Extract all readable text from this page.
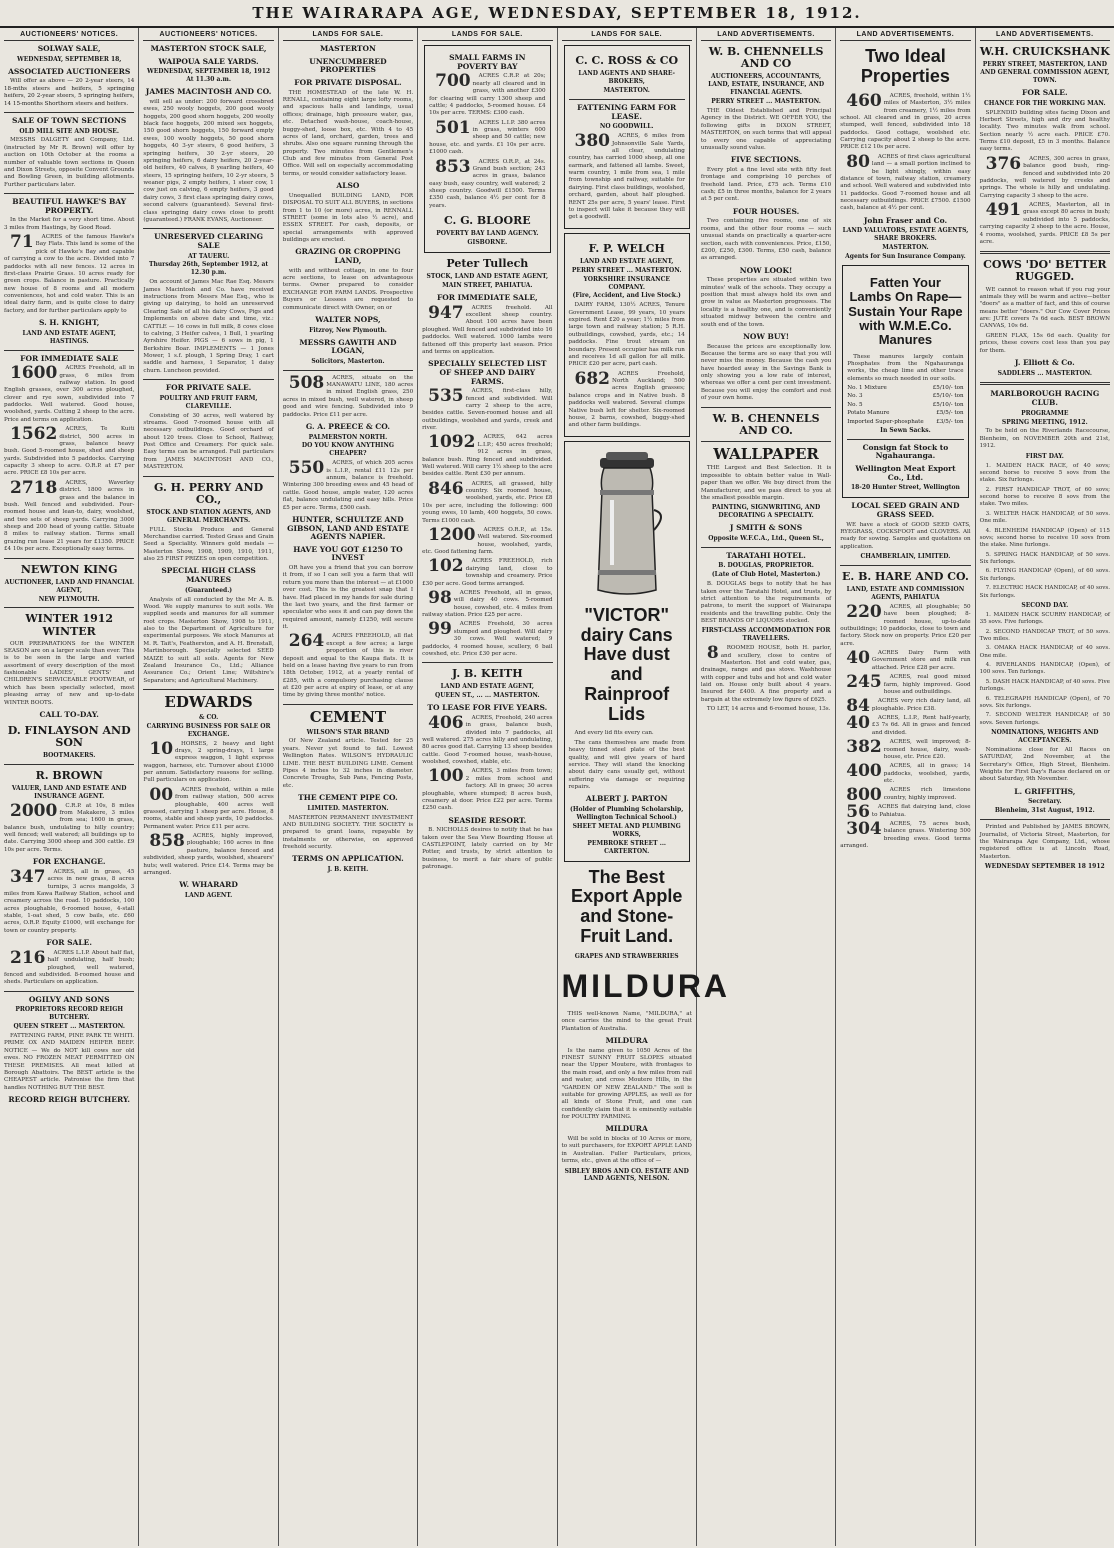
THE WAIRARAPA AGE, WEDNESDAY, SEPTEMBER 18, 1912.
AUCTIONEERS' NOTICES.
SOLWAY SALE,
WEDNESDAY, SEPTEMBER 18,
ASSOCIATED AUCTIONEERS

Will offer as above — 20 2-year steers, 14 18-mths steers and heifers, 5 springing heifers, 20 2-year steers, 5 springing heifers, 14 15-months Shorthorn steers and heifers.

SALE OF TOWN SECTIONS
OLD MILL SITE AND HOUSE.

MESSRS DALGETY and Company, Ltd. (instructed by Mr R. Brown) will offer by auction on 10th October at the rooms a number of valuable town sections in Queen and Dixon Streets, opposite Convent Grounds and Bowling Green, in building allotments. Further particulars later.

BEAUTIFUL HAWKE'S BAY PROPERTY.

In the Market for a very short time. About 3 miles from Hastings, by Good Road.

71 ACRES of the famous Hawke's Bay Flats. This land is some of the pick of Hawke's Bay and capable of carrying a cow to the acre. Divided into 7 paddocks with all new fences. 12 acres in first-class Prairie Grass. 10 acres ready for green crops. Balance in pasture. Practically new house of 8 rooms and all modern conveniences, hot and cold water. This is an ideal dairy farm, and is quite close to dairy factory, and for further particulars apply to

S. H. KNIGHT,
LAND AND ESTATE AGENT, HASTINGS.
FOR IMMEDIATE SALE

1600 ACRES Freehold, all in grass, 6 miles from railway station. In good English grasses, over 300 acres ploughed, clover and rye sown, subdivided into 7 paddocks. Well watered. Good house, woolshed, yards. Cutting 2 sheep to the acre. Price and terms on application.

1562 ACRES, Te Kuiti district, 500 acres in grass, balance heavy bush. Good 5-roomed house, shed and sheep yards. Subdivided into 5 paddocks. Carrying capacity 3 sheep to acre. O.R.P. at £7 per acre. PRICE £8 10s per acre.

2718 ACRES, Waverley district. 1800 acres in grass and the balance in bush. Well fenced and subdivided. Four-roomed house and lean-to, dairy, woolshed, and two sets of sheep yards. Carrying 3000 sheep and 200 head of young cattle. Situate 8 miles to railway station. Terms small grazing run lease 21 years for £1350. PRICE £4 10s per acre. Exceptionally easy terms.

NEWTON KING
AUCTIONEER, LAND AND FINANCIAL AGENT,
NEW PLYMOUTH.
WINTER 1912 WINTER

OUR PREPARATIONS for the WINTER SEASON are on a larger scale than ever. This is to be seen in the large and varied assortment of every description of the most fashionable LADIES', GENTS' and CHILDREN'S SERVICEABLE FOOTWEAR, of which has been specially selected, most pleasing array of new and up-to-date WINTER BOOTS.

CALL TO-DAY.
D. FINLAYSON AND SON
BOOTMAKERS.
R. BROWN
VALUER, LAND AND ESTATE AND INSURANCE AGENT.

2000 C.R.P. at 10s, 8 miles from Makakere, 3 miles from sea; 1600 in grass, balance bush, undulating to hilly country; well fenced; well watered; all buildings up to date. Carrying 3000 sheep and 300 cattle. £9 10s per acre. Terms.

FOR EXCHANGE.

347 ACRES, all in grass, 45 acres in new grass, 8 acres turnips, 3 acres mangolds, 3 miles from Kawa Railway Station, school and creamery across the road. 10 paddocks, 100 acres ploughable, 6-roomed house, 4-stall stable, 1-oat shed, 5 cow bails, etc. £60 acres, O.R.P. Equity £1000, will exchange for town or country property.

FOR SALE.

216 ACRES L.I.P. About half flat, half undulating, half bush; ploughed, well watered, fenced and subdivided. 8-roomed house and sheds. Particulars on application.

OGILVY AND SONS
PROPRIETORS RECORD REIGH BUTCHERY.
QUEEN STREET ... MASTERTON.

FATTENING FARM, PINE PARK TE WHITI. PRIME OX AND MAIDEN HEIFER BEEF. NOTICE — We do NOT kill cows nor old ewes. NO FROZEN MEAT PERMITTED ON THESE PREMISES. All meat killed at Borough Abattoirs. The BEST article is the CHEAPEST article. Patronise the firm that handles NOTHING BUT THE BEST.

RECORD REIGH BUTCHERY.
AUCTIONEERS' NOTICES.
MASTERTON STOCK SALE,
WAIPOUA SALE YARDS.
WEDNESDAY, SEPTEMBER 18, 1912 At 11.30 a.m.
JAMES MACINTOSH AND CO.

will sell as under: 200 forward crossbred ewes, 250 wooly hoggets, 200 good wooly hoggets, 200 good shorn hoggets, 200 woolly black face hoggets, 200 mixed sex hoggets, 150 good shorn hoggets, 150 forward empty ewes, 100 woolly hoggets, 50 good shorn hoggets, 40 3-yr steers, 6 good heifers, 3 springing heifers, 30 2-yr steers, 20 springing heifers, 6 dairy heifers, 20 2-year-old heifers, 40 calves, 8 yearling heifers, 40 steers, 15 springing heifers, 10 2-yr steers, 5 weaner pigs, 2 empty heifers, 1 steer cow, 1 cow just on calving, 6 empty heifers, 3 good dairy cows, 3 first class springing dairy cows, second calvers (guaranteed). Several first-class springing dairy cows close to profit (guaranteed.) FRANK EVANS, Auctioneer.

UNRESERVED CLEARING SALE
AT TAUERU.
Thursday 26th, September 1912, at 12.30 p.m.

On account of James Mac Rae Esq. Messrs James Macintosh and Co. have received instructions from Messrs Mae Esq., who is giving up dairying, to hold an unreserved Clearing Sale of all his dairy Cows, Pigs and Implements on above date and time, viz.: CATTLE — 16 cows in full milk, 8 cows close to calving, 3 Heifer calves, 1 Bull, 1 yearling Ayrshire Heifer. PIGS — 6 sows in pig, 1 Berkshire Boar. IMPLEMENTS — 1 Jones Mower, 1 s.f. plough, 1 Spring Dray, 1 cart saddle and harness, 1 Separator, 1 daisy churn. Luncheon provided.

FOR PRIVATE SALE.
POULTRY AND FRUIT FARM, CLAREVILLE.

Consisting of 30 acres, well watered by streams. Good 7-roomed house with all necessary outbuildings. Good orchard of about 120 trees. Close to School, Railway, Post Office and Creamery. For quick sale. Easy terms can be arranged. Full particulars from JAMES MACINTOSH AND CO., MASTERTON.

G. H. PERRY AND CO.,
STOCK AND STATION AGENTS, AND GENERAL MERCHANTS.

FULL Stocks Produce and General Merchandise carried. Tested Grass and Grain Seed a Speciality. Winners gold medals — Masterton Show, 1908, 1909, 1910, 1911, also 25 FIRST PRIZES on open competition.

SPECIAL HIGH CLASS MANURES
(Guaranteed.)

Analysis of all conducted by the Mr A. B. Wood. We supply manures to suit soils. We supplied seeds and manures for all summer root crops. Masterton Show, 1908 to 1911, also to the Department of Agriculture for experimental purposes. We stock Manures at M. R. Tait's, Featherston, and A. H. Brenstall, Martinborough. Specially selected SEED MAIZE to suit all soils. Agents for New Zealand Insurance Co., Ltd.; Alliance Assurance Co.; Orient Line; Wiltshire's Separators; and Agricultural Machinery.

EDWARDS
& CO.
CARRYING BUSINESS FOR SALE OR EXCHANGE.

10 HORSES, 2 heavy and light drays, 2 spring-drays, 1 large express waggon, 1 light express waggon, harness, etc. Turnover about £1000 per annum. Satisfactory reasons for selling. Full particulars on application.

00 ACRES freehold, within a mile from railway station, 500 acres ploughable, 400 acres well grassed, carrying 1 sheep per acre. House, 8 rooms, stable and sheep yards, 10 paddocks. Permanent water. Price £11 per acre.

858 ACRES, highly improved, ploughable; 160 acres in fine pasture, balance fenced and subdivided, sheep yards, woolshed, shearers' huts; well watered. Price £14. Terms may be arranged.

W. WHARARD
LAND AGENT.
LANDS FOR SALE.
MASTERTON
UNENCUMBERED PROPERTIES
FOR PRIVATE DISPOSAL.

THE HOMESTEAD of the late W. H. RENALL, containing eight large lofty rooms, and spacious halls and landings, usual offices; drainage, high pressure water, gas, etc. Detached wash-house, coach-house, buggy-shed, loose box, etc. With 4 to 45 acres of land, orchard, garden, trees and shrubs. Also one square running through the property. Two minutes from Gentlemen's Club and few minutes from General Post Office. Will sell on especially accommodating terms, or would consider satisfactory lease.

ALSO

Unequalled BUILDING LAND, FOR DISPOSAL TO SUIT ALL BUYERS, in sections from 1 to 10 (or more) acres, in RENNALL STREET (some in lots also ½ acre), and ESSEX STREET. For cash, deposits, or special arrangements with approved buildings are erected.

GRAZING OR CROPPING LAND,

with and without cottage, in one to four acre sections, to lease on advantageous terms. Owner prepared to consider EXCHANGE FOR FARM LANDS. Prospective Buyers or Lessees are requested to communicate direct with Owner, on or

WALTER NOPS,
Fitzroy, New Plymouth.
MESSRS GAWITH AND LOGAN,
Solicitors, Masterton.

508 ACRES, situate on the MANAWATU LINE, 180 acres in mixed English grass, 250 acres in mixed bush, well watered, in sheep good and wire fencing. Subdivided into 9 paddocks. Price £11 per acre.

G. A. PREECE & CO.
PALMERSTON NORTH.
DO YOU KNOW ANYTHING CHEAPER?

550 ACRES, of which 205 acres is L.I.P., rental £11 12s per annum, balance is freehold. Wintering 300 breeding ewes and 45 head of cattle. Good house, ample water, 120 acres flat, balance undulating and easy hills. Price £5 per acre. Terms, £500 cash.

HUNTER, SCHULTZE AND GIBSON, LAND AND ESTATE AGENTS NAPIER.
HAVE YOU GOT £1250 TO INVEST

OR have you a friend that you can borrow it from, if so I can sell you a farm that will return you more than the interest — at £1000 over cost. This is the greatest snap that I have. Had placed in my hands for sale during the last two years, and the first farmer or speculator who sees it and can pay down the required amount, namely £1250, will secure it.

264 ACRES FREEHOLD, all flat except a few acres; a large proportion of this is river deposit and equal to the Kaupa flats. It is held on a lease having five years to run from 18th October, 1912, at a yearly rental of £285, with a compulsory purchasing clause at £20 per acre at expiry of lease, or at any time by giving three months' notice.

CEMENT
WILSON'S STAR BRAND

Of New Zealand article. Tested for 25 years. Never yet found to fail. Lowest Wellington Rates. WILSON'S HYDRAULIC LIME. THE BEST BUILDING LIME. Cement Pipes 4 inches to 32 inches in diameter. Concrete Troughs, Sub Pans, Fencing Posts, etc.

THE CEMENT PIPE CO.
LIMITED. MASTERTON.

MASTERTON PERMANENT INVESTMENT AND BUILDING SOCIETY. THE SOCIETY is prepared to grant loans, repayable by instalments or otherwise, on approved freehold security.

TERMS ON APPLICATION.
J. B. KEITH.
LANDS FOR SALE.
SMALL FARMS IN POVERTY BAY

700 ACRES C.R.P. at 20s; nearly all cleared and in grass, with another £300 for clearing will carry 1300 sheep and cattle; 4 paddocks, 5-roomed house. £4 10s per acre. TERMS: £300 cash.

501 ACRES L.I.P. 380 acres in grass, winters 600 sheep and 50 cattle; new house, etc. and yards. £1 10s per acre. £1000 cash.

853 ACRES O.R.P., at 24s. Grand bush section; 243 acres in grass, balance easy bush, easy country, well watered; 2 sheep country. Goodwill £1500. Terms £350 cash, balance 4½ per cent for 8 years.

C. G. BLOORE
POVERTY BAY LAND AGENCY.
GISBORNE.
Peter Tullech
STOCK, LAND AND ESTATE AGENT,
MAIN STREET, PAHIATUA.
FOR IMMEDIATE SALE,

947 ACRES freehold. All excellent sheep country. About 100 acres have been ploughed. Well fenced and subdivided into 16 paddocks. Well watered. 1000 lambs were fattened off this property last season. Price and terms on application.

SPECIALLY SELECTED LIST OF SHEEP AND DAIRY FARMS.

535 ACRES, first-class hilly, fenced and subdivided. Will carry 2 sheep to the acre, besides cattle. Seven-roomed house and all outbuildings, woolshed and yards, creek and river.

1092 ACRES, 642 acres L.I.P.; 450 acres freehold; 912 acres in grass, balance bush. Ring fenced and subdivided. Well watered. Will carry 1½ sheep to the acre besides cattle. Rent £30 per annum.

846 ACRES, all grassed, hilly country. Six roomed house, woolshed, yards, etc. Price £8 10s per acre, including the following: 600 young ewes, 10 lamb, 400 hoggets, 50 cows. Terms £1000 cash.

1200 ACRES O.R.P., at 15s. Well watered. Six-roomed house, woolshed, yards, etc. Good fattening farm.

102 ACRES FREEHOLD, rich dairying land, close to township and creamery. Price £30 per acre. Good terms arranged.

98 ACRES Freehold, all in grass, will dairy 40 cows. 5-roomed house, cowshed, etc. 4 miles from railway station. Price £25 per acre.

99 ACRES Freehold, 30 acres stumped and ploughed. Will dairy 30 cows. Well watered; 9 paddocks, 4 roomed house, scullery, 6 bail cowshed, etc. Price £30 per acre.

J. B. KEITH
LAND AND ESTATE AGENT,
QUEEN ST., ... ... MASTERTON.
TO LEASE FOR FIVE YEARS.

406 ACRES, Freehold, 240 acres in grass, balance bush, divided into 7 paddocks, all well watered. 275 acres hilly and undulating, 80 acres good flat. Carrying 13 sheep besides cattle. Good 7-roomed house, wash-house, woolshed, cowshed, stable, etc.

100 ACRES, 3 miles from town; 2 miles from school and factory. All in grass; 30 acres ploughable, where stumped; 8 acres bush, creamery at door. Price £22 per acre. Terms £250 cash.

SEASIDE RESORT.

B. NICHOLLS desires to notify that he has taken over the Sea View Boarding House at CASTLEPOINT, lately carried on by Mr Potter, and trusts, by strict attention to business, to merit a fair share of public patronage.

LANDS FOR SALE.
C. C. ROSS & CO
LAND AGENTS AND SHARE-BROKERS,
MASTERTON.
FATTENING FARM FOR LEASE.
NO GOODWILL.

380 ACRES, 6 miles from Johnsonville Sale Yards, all clear, undulating country, has carried 1000 sheep, all one earmark, and fattened all lambs. Sweet, warm country, 1 mile from sea, 1 mile from township and railway, suitable for dairying. First class buildings, woolshed, orchard, garden, about half ploughed. RENT 25s per acre, 5 years' lease. First to inspect will take it because they will get a goodwill.

F. P. WELCH
LAND AND ESTATE AGENT,
PERRY STREET ... MASTERTON.
YORKSHIRE INSURANCE COMPANY.
(Fire, Accident, and Live Stock.)

DAIRY FARM, 130½ ACRES, Tenure Government Lease, 99 years, 10 years expired. Rent £20 a year; 1½ miles from large town and railway station; 5 R.H. outbuildings, cowshed, yards, etc.; 14 paddocks. Fine trout stream on boundary. Present occupier has milk run and receives 1d all gallon for all milk. PRICE £20 per acre, part cash.

682 ACRES Freehold, North Auckland; 500 acres English grasses; balance crops and in Native bush. 8 paddocks well watered. Several clumps Native bush left for shelter. Six-roomed house, 2 barns, cowshed, buggy-shed and other farm buildings.

"VICTOR" dairy Cans Have dust and Rainproof Lids

And every lid fits every can.

The cans themselves are made from heavy tinned steel plate of the best quality, and will give years of hard service. They will stand the knocking about dairy cans usually get, without suffering via damage or requiring repairs.

ALBERT J. PARTON
(Holder of Plumbing Scholarship, Wellington Technical School.)
SHEET METAL AND PLUMBING WORKS,
PEMBROKE STREET ... CARTERTON.
The Best Export Apple and Stone-Fruit Land.
GRAPES AND STRAWBERRIES
MILDURA

THIS well-known Name, "MILDURA," at once carries the mind to the great Fruit Plantation of Australia.

MILDURA

Is the name given to 1050 Acres of the FINEST SUNNY FRUIT SLOPES situated near the Upper Moutere, with frontages to the main road, and only a few miles from rail and water, and cross Moutere Hills, in the "GARDEN OF NEW ZEALAND." The soil is suitable for growing APPLES, as well as for all kinds of Stone Fruit, and one can confidently claim that it is eminently suitable for POULTRY FARMING.

MILDURA

Will be sold in blocks of 10 Acres or more, to suit purchasers, for EXPORT APPLE LAND in Australian. Fuller Particulars, prices, terms, etc., given at the office of —

SIBLEY BROS AND CO. ESTATE AND LAND AGENTS, NELSON.
LAND ADVERTISEMENTS.
W. B. CHENNELLS AND CO
AUCTIONEERS, ACCOUNTANTS, LAND, ESTATE, INSURANCE, AND FINANCIAL AGENTS.
PERRY STREET ... MASTERTON.

THE Oldest Established and Principal Agency in the District. WE OFFER YOU, the following gifts in DIXON STREET, MASTERTON, on such terms that will appeal to every one capable of appreciating unusually sound value.

FIVE SECTIONS.

Every plot a fine level site with fifty feet frontage and comprising 10 perches of freehold land. Price, £75 ach. Terms £10 cash; £5 in three months, balance for 2 years at 5 per cent.

FOUR HOUSES.

Two containing five rooms, one of six rooms, and the other four rooms — such unusual stands on practically a quarter-acre section, each with conveniences. Price, £150, £200, £250, £300. Terms, £50 cash, balance as arranged.

NOW LOOK!

These properties are situated within two minutes' walk of the schools. They occupy a position that must always hold its own and grow in value as Masterton progresses. The locality is a healthy one, and is conveniently situated midway between the centre and south end of the town.

NOW BUY!

Because the prices are exceptionally low. Because the terms are so easy that you will never miss the money. Because the cash you have hoarded away in the Savings Bank is only showing you a low rate of interest, whereas we offer a cent per cent investment. Because you will enjoy the comfort and rest of your own home.

W. B. CHENNELS AND CO.
WALLPAPER

THE Largest and Best Selection. It is impossible to obtain better value in Wall-paper than we offer. We buy direct from the Manufacturer, and we pass direct to you at the smallest possible margin.

PAINTING, SIGNWRITING, AND DECORATING A SPECIALTY.
J SMITH & SONS
Opposite W.F.C.A., Ltd., Queen St.,
TARATAHI HOTEL.
B. DOUGLAS, PROPRIETOR.
(Late of Club Hotel, Masterton.)

B. DOUGLAS begs to notify that he has taken over the Taratahi Hotel, and trusts, by strict attention to the requirements of patrons, to merit the support of Wairarapa residents and the travelling public. Only the BEST BRANDS OF LIQUORS stocked.

FIRST-CLASS ACCOMMODATION FOR TRAVELLERS.

8 ROOMED HOUSE, both H. parlor, and scullery, close to centre of Masterton. Hot and cold water, gas, drainage, range and gas stove. Washhouse with copper and tubs and hot and cold water laid on. House only built about 4 years. Insured for £400. A fine property and a bargain at the extremely low figure of £625.

TO LET, 14 acres and 6-roomed house, 13s.

LAND ADVERTISEMENTS.
Two Ideal Properties

460 ACRES, freehold, within 1½ miles of Masterton, 3½ miles from creamery, 1½ miles from school. All cleared and in grass, 20 acres stumped, well fenced, subdivided into 18 paddocks. Good cottage, woolshed etc. Carrying capacity about 2 sheep to the acre. PRICE £12 10s per acre.

80 ACRES of first class agricultural land — a small portion inclined to be light shingly, within easy distance of town, railway station, creamery and school. Well watered and subdivided into 11 paddocks. Good 7-roomed house and all necessary outbuildings. PRICE £7500. £1500 cash, balance at 4½ per cent.

John Fraser and Co.
LAND VALUATORS, ESTATE AGENTS, SHARE BROKERS.
MASTERTON.
Agents for Sun Insurance Company.
Fatten Your Lambs On Rape—Sustain Your Rape with W.M.E.Co. Manures

These manures largely contain Phosphates from the Ngahauranga works, the cheap lime and other trace elements so much needed in our soils.

No. 1 Mixture	£5/10/- ton
No. 3	£5/10/- ton
No. 5	£5/10/- ton
Potato Manure	£5/5/- ton
Imported Super-phosphate £3/5/- ton
In Sewn Sacks.
Consign fat Stock to Ngahauranga.
Wellington Meat Export Co., Ltd.
18-20 Hunter Street, Wellington
LOCAL SEED GRAIN AND GRASS SEED.

WE have a stock of GOOD SEED OATS, RYEGRASS, COCKSFOOT and CLOVERS. All ready for sowing. Samples and quotations on application.

CHAMBERLAIN, LIMITED.
E. B. HARE AND CO.
LAND, ESTATE AND COMMISSION AGENTS, PAHIATUA

220 ACRES, all ploughable; 50 have been ploughed; 8-roomed house, up-to-date outbuildings; 10 paddocks, close to town and factory. Stock now on property. Price £20 per acre.

40 ACRES Dairy Farm with Government store and milk run attached. Price £28 per acre.

245 ACRES, real good mixed farm, highly improved. Good house and outbuildings.

84 ACRES very rich dairy land, all ploughable. Price £38.

40 ACRES, L.I.P., Rent half-yearly, £3 7s 6d. All in grass and fenced and divided.

382 ACRES, well improved; 8-roomed house, dairy, wash-house, etc. Price £20.

400 ACRES, all in grass; 14 paddocks, woolshed, yards, etc.

800 ACRES rich limestone country, highly improved.

56 ACRES flat dairying land, close to Pahiatua.

304 ACRES, 75 acres bush, balance grass. Wintering 500 breeding ewes. Good terms arranged.

LAND ADVERTISEMENTS.
W.H. CRUICKSHANK
PERRY STREET, MASTERTON, LAND AND GENERAL COMMISSION AGENT, TOWN.
FOR SALE.
CHANCE FOR THE WORKING MAN.

SPLENDID building sites facing Dixon and Herbert Streets, high and dry and healthy locality. Two minutes walk from school. Section nearly ½ acre each. PRICE £70. Terms £10 deposit, £5 in 3 months. Balance easy terms.

376 ACRES, 300 acres in grass, balance good bush, ring-fenced and subdivided into 20 paddocks, well watered by creeks and springs. The whole is hilly and undulating. Carrying capacity 3 sheep to the acre.

491 ACRES, Masterton, all in grass except 80 acres in bush; subdivided into 5 paddocks, carrying capacity 2 sheep to the acre. House, 4 rooms, woolshed, yards. PRICE £8 5s per acre.

COWS 'DO' BETTER RUGGED.

WE cannot to reason what if you rug your animals they will be warm and active—better "doers" as a matter of fact, and this of course means better "doers." Our Cow Cover Prices are: JUTE covers 7s 6d each. BEST BROWN CANVAS, 10s 6d.

GREEN FLAX, 15s 6d each. Quality for prices, these covers cost less than you pay for them.

J. Elliott & Co.
SADDLERS ... MASTERTON.
MARLBOROUGH RACING CLUB.
PROGRAMME
SPRING MEETING, 1912.

To be held on the Riverlands Racecourse, Blenheim, on NOVEMBER 20th and 21st, 1912.

FIRST DAY.

1. MAIDEN HACK RACE, of 40 sovs; second horse to receive 5 sovs from the stake. Six furlongs.

2. FIRST HANDICAP TROT, of 60 sovs; second horse to receive 8 sovs from the stake. Two miles.

3. WELTER HACK HANDICAP, of 50 sovs. One mile.

4. BLENHEIM HANDICAP (Open) of 115 sovs; second horse to receive 10 sovs from the stake. Nine furlongs.

5. SPRING HACK HANDICAP, of 50 sovs. Six furlongs.

6. FLYING HANDICAP (Open), of 60 sovs. Six furlongs.

7. ELECTRIC HACK HANDICAP, of 40 sovs. Six furlongs.

SECOND DAY.

1. MAIDEN HACK SCURRY HANDICAP, of 35 sovs. Five furlongs.

2. SECOND HANDICAP TROT, of 50 sovs. Two miles.

3. OMAKA HACK HANDICAP, of 40 sovs. One mile.

4. RIVERLANDS HANDICAP, (Open), of 100 sovs. Ten furlongs.

5. DASH HACK HANDICAP, of 40 sovs. Five furlongs.

6. TELEGRAPH HANDICAP (Open), of 70 sovs. Six furlongs.

7. SECOND WELTER HANDICAP, of 50 sovs. Seven furlongs.

NOMINATIONS, WEIGHTS AND ACCEPTANCES.

Nominations close for All Races on SATURDAY, 2nd November, at the Secretary's Office, High Street, Blenheim. Weights for First Day's Races declared on or about Saturday, 9th November.

L. GRIFFITHS,
Secretary.
Blenheim, 31st August, 1912.

Printed and Published by JAMES BROWN, Journalist, of Victoria Street, Masterton, for the Wairarapa Age Company, Ltd., whose registered office is at Lincoln Road, Masterton.

WEDNESDAY SEPTEMBER 18 1912
